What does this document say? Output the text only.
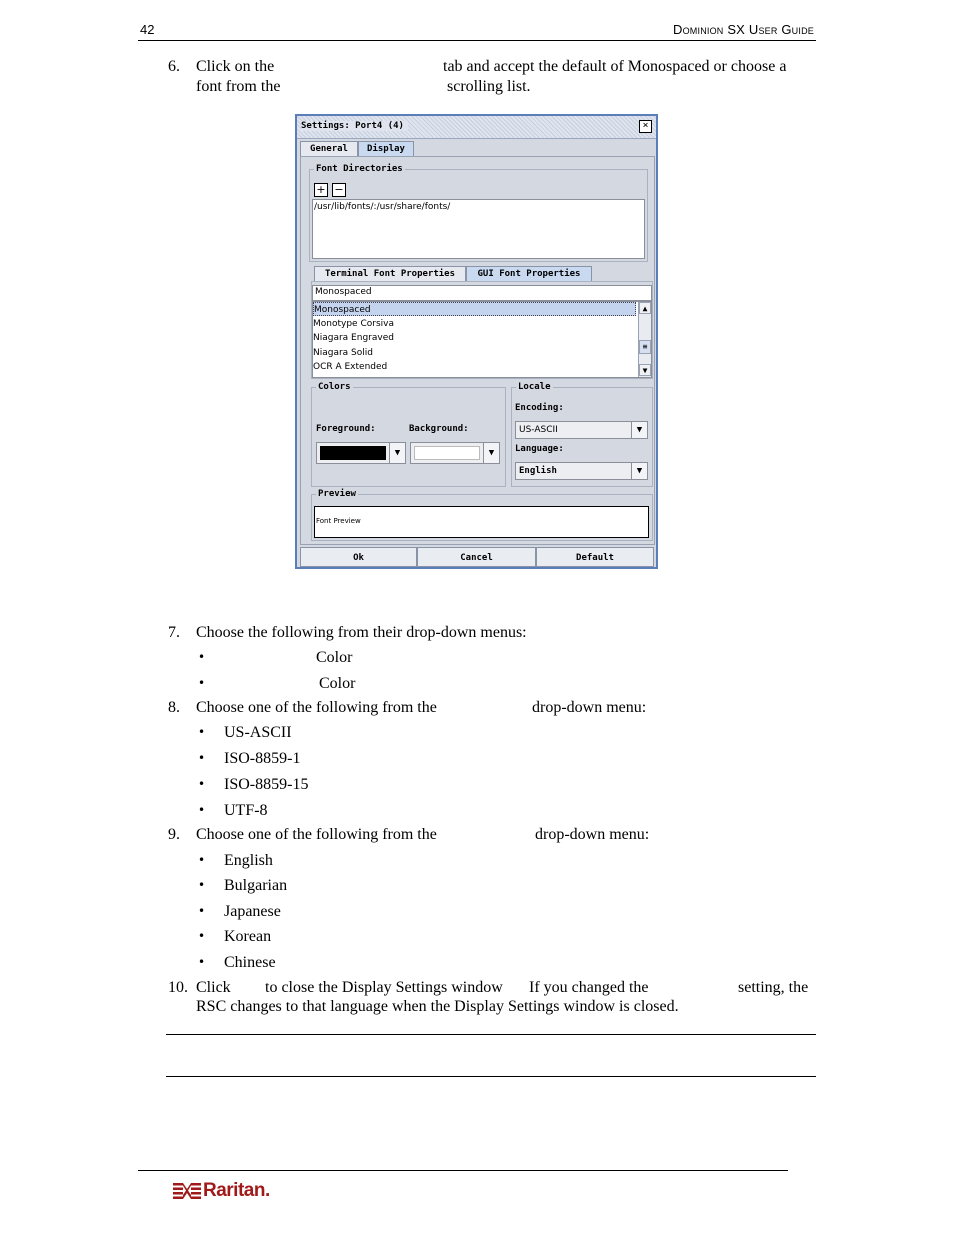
42	Dominion SX User Guide
6. Click on the	tab and accept the default of Monospaced or choose a
font from the	scrolling list.
Settings: Port4 (4)	×
General	Display
Font Directories
+ −
/usr/lib/fonts/:/usr/share/fonts/
Terminal Font Properties	GUI Font Properties
Monospaced
Monospaced
Monotype Corsiva
Niagara Engraved
Niagara Solid
OCR A Extended
▲
≡
▼
Colors
Foreground:	Background:
▼	▼
Locale
Encoding:
US-ASCII	▼
Language:
English	▼
Preview
Font Preview
Ok	Cancel	Default
7. Choose the following from their drop-down menus:
•	Color
•	Color
8. Choose one of the following from the	drop-down menu:
• US-ASCII
• ISO-8859-1
• ISO-8859-15
• UTF-8
9. Choose one of the following from the	drop-down menu:
• English
• Bulgarian
• Japanese
• Korean
• Chinese
10. Click to close the Display Settings window If you changed the	setting, the
RSC changes to that language when the Display Settings window is closed.
Raritan.
